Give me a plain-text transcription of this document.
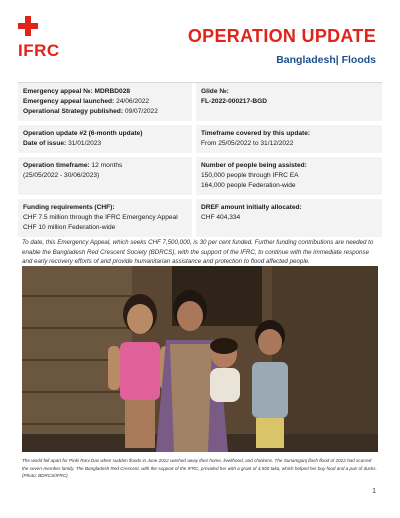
IFRC
OPERATION UPDATE
Bangladesh| Floods
Emergency appeal №: MDRBD028
Emergency appeal launched: 24/06/2022
Operational Strategy published: 09/07/2022
Glide №:
FL-2022-000217-BGD
Operation update #2 (6-month update)
Date of issue: 31/01/2023
Timeframe covered by this update:
From 25/05/2022 to 31/12/2022
Operation timeframe: 12 months
(25/05/2022 - 30/06/2023)
Number of people being assisted:
150,000 people through IFRC EA
164,000 people Federation-wide
Funding requirements (CHF):
CHF 7.5 million through the IFRC Emergency Appeal
CHF 10 million Federation-wide
DREF amount initially allocated:
CHF 404,334
To date, this Emergency Appeal, which seeks CHF 7,500,000, is 30 per cent funded. Further funding contributions are needed to enable the Bangladesh Red Crescent Society (BDRCS), with the support of the IFRC, to continue with the immediate response and early recovery efforts of and provide humanitarian assistance and protection to flood affected people.
The world fell apart for Pinki Rani Das when sudden floods in June 2022 washed away their home, livelihood, and chickens. The Sunamganj flash flood of 2022 had scarred the seven-member family. The Bangladesh Red Crescent, with the support of the IFRC, provided her with a grant of 4,500 taka, which helped her buy food and a pair of ducks. (Photo: BDRCS/IFRC)
1
